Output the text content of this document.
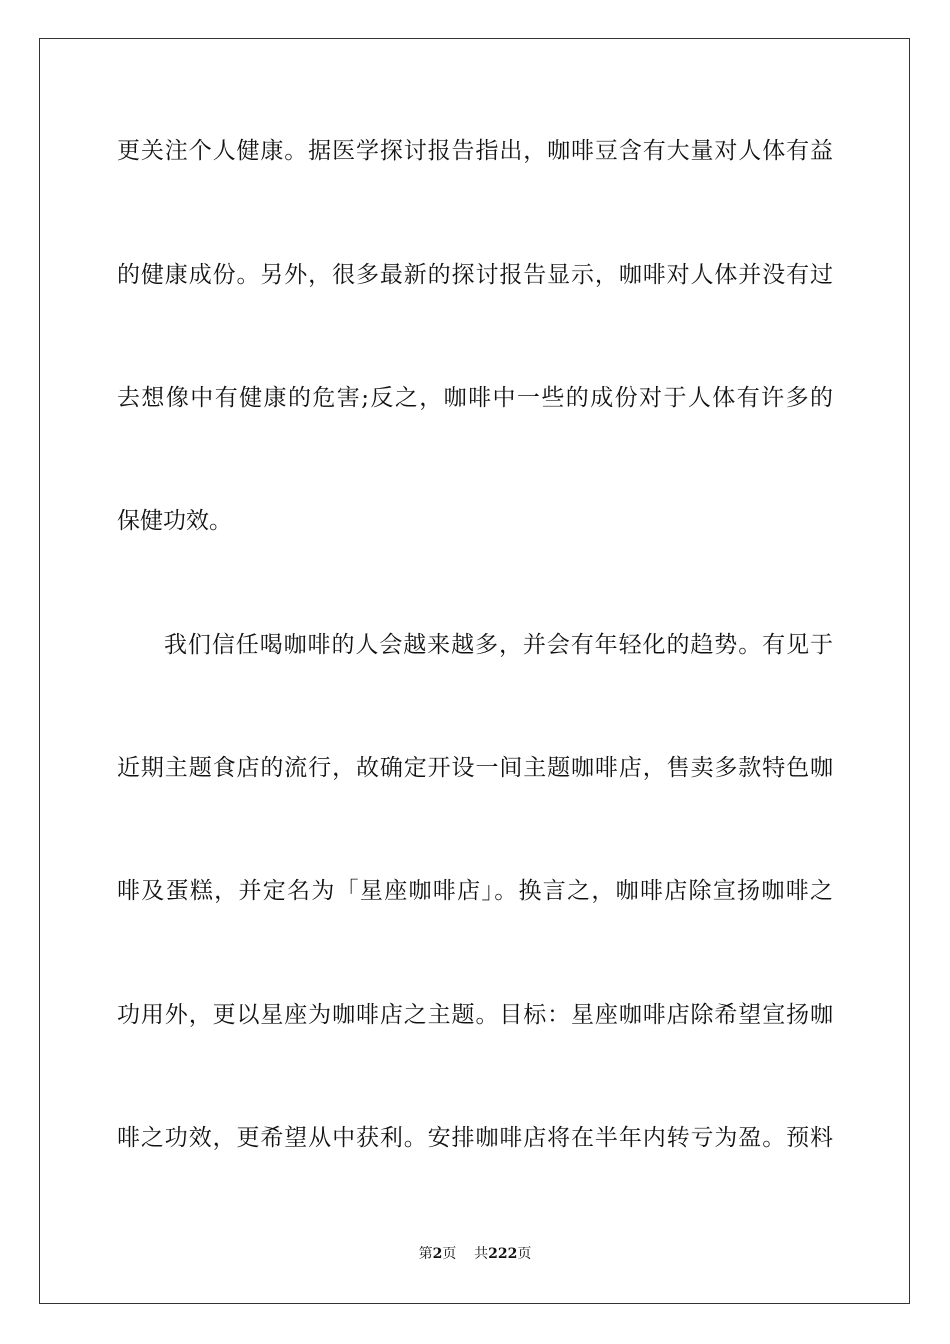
更关注个人健康。据医学探讨报告指出，咖啡豆含有大量对人体有益
的健康成份。另外，很多最新的探讨报告显示，咖啡对人体并没有过
去想像中有健康的危害;反之，咖啡中一些的成份对于人体有许多的
保健功效。
我们信任喝咖啡的人会越来越多，并会有年轻化的趋势。有见于
近期主题食店的流行，故确定开设一间主题咖啡店，售卖多款特色咖
啡及蛋糕，并定名为「星座咖啡店」。换言之，咖啡店除宣扬咖啡之
功用外，更以星座为咖啡店之主题。目标：星座咖啡店除希望宣扬咖
啡之功效，更希望从中获利。安排咖啡店将在半年内转亏为盈。预料
第2页 共222页
